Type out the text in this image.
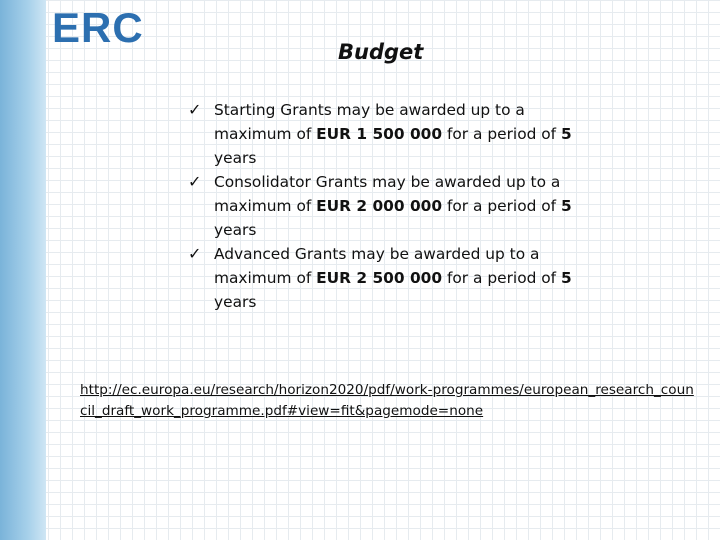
ERC
Budget
✓ Starting Grants may be awarded up to a maximum of EUR 1 500 000 for a period of 5 years
✓ Consolidator Grants may be awarded up to a maximum of EUR 2 000 000 for a period of 5 years
✓ Advanced Grants may be awarded up to a maximum of EUR 2 500 000 for a period of 5 years
http://ec.europa.eu/research/horizon2020/pdf/work-programmes/european_research_council_draft_work_programme.pdf#view=fit&pagemode=none
